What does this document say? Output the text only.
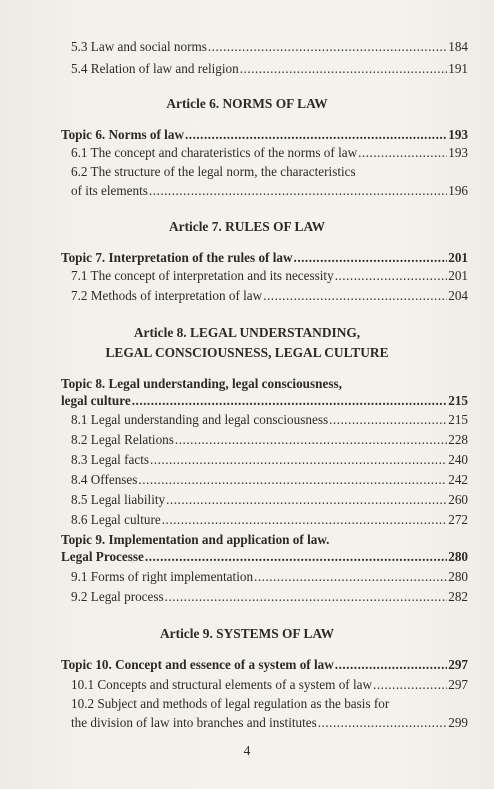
5.3 Law and social norms .....	184
5.4 Relation of law and religion .....	191
Article 6. NORMS OF LAW
Topic 6. Norms of law .....	193
6.1 The concept and charateristics of the norms of law .....	193
6.2 The structure of the legal norm, the characteristics
of its elements .....	196
Article 7. RULES OF LAW
Topic 7. Interpretation of the rules of law .....	201
7.1 The concept of interpretation and its necessity .....	201
7.2 Methods of interpretation of law .....	204
Article 8. LEGAL UNDERSTANDING,
LEGAL CONSCIOUSNESS, LEGAL CULTURE
Topic 8. Legal understanding, legal consciousness,
legal culture .....	215
8.1 Legal understanding and legal consciousness .....	215
8.2 Legal Relations .....	228
8.3 Legal facts .....	240
8.4 Offenses .....	242
8.5 Legal liability .....	260
8.6 Legal culture .....	272
Topic 9. Implementation and application of law.
Legal Processe .....	280
9.1 Forms of right implementation .....	280
9.2 Legal process .....	282
Article 9. SYSTEMS OF LAW
Topic 10. Concept and essence of a system of law .....	297
10.1 Concepts and structural elements of a system of law .....	297
10.2 Subject and methods of legal regulation as the basis for
the division of law into branches and institutes .....	299
4
